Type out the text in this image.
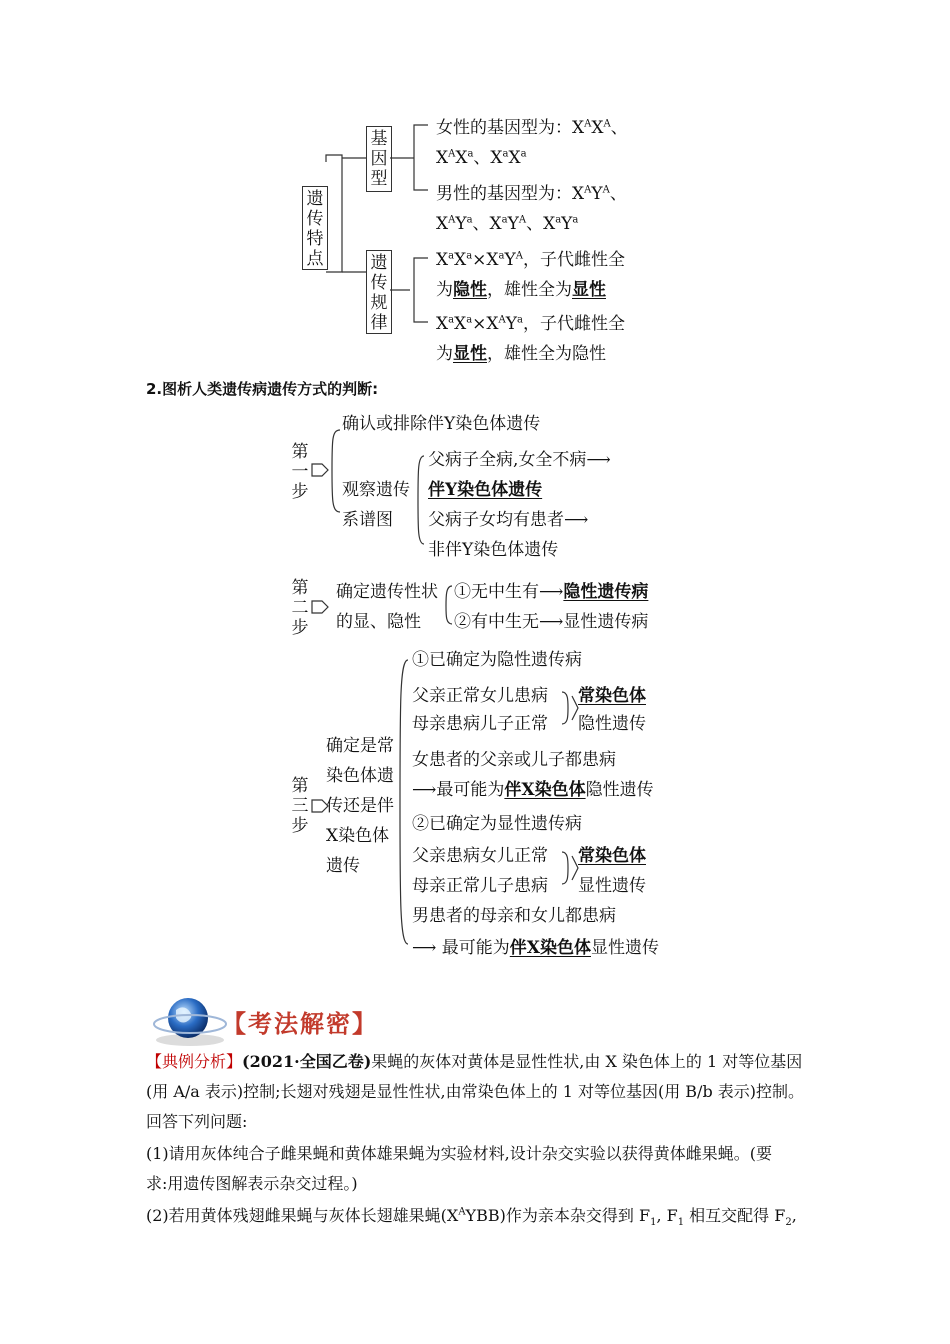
遗传特点
基因型
遗传规律
女性的基因型为：$X^AX^A$、
$X^AX^a$、$X^aX^a$
男性的基因型为：$X^AY^A$、
$X^AY^a$、$X^aY^A$、$X^aY^a$
$X^aX^a\times X^aY^A$，子代雌性全
为隐性，雄性全为显性
$X^aX^a\times X^AY^a$，子代雌性全
为显性，雄性全为隐性
2.图析人类遗传病遗传方式的判断:
第一步
第二步
第三步
确认或排除伴Y染色体遗传
观察遗传
系谱图
父病子全病,女全不病⟶
伴Y染色体遗传
父病子女均有患者⟶
非伴Y染色体遗传
确定遗传性状
的显、隐性
①无中生有⟶隐性遗传病
②有中生无⟶显性遗传病
确定是常
染色体遗
传还是伴
X染色体
遗传
①已确定为隐性遗传病
父亲正常女儿患病
母亲患病儿子正常
常染色体
隐性遗传
女患者的父亲或儿子都患病
⟶最可能为伴X染色体隐性遗传
②已确定为显性遗传病
父亲患病女儿正常
母亲正常儿子患病
常染色体
显性遗传
男患者的母亲和女儿都患病
⟶ 最可能为伴X染色体显性遗传
【考法解密】
【典例分析】(2021·全国乙卷)果蝇的灰体对黄体是显性性状,由 X 染色体上的 1 对等位基因
(用 A/a 表示)控制;长翅对残翅是显性性状,由常染色体上的 1 对等位基因(用 B/b 表示)控制。
回答下列问题:
(1)请用灰体纯合子雌果蝇和黄体雄果蝇为实验材料,设计杂交实验以获得黄体雌果蝇。(要
求:用遗传图解表示杂交过程。)
(2)若用黄体残翅雌果蝇与灰体长翅雄果蝇$(X^AYBB)$作为亲本杂交得到 $F_1$, $F_1$ 相互交配得 $F_2$,
